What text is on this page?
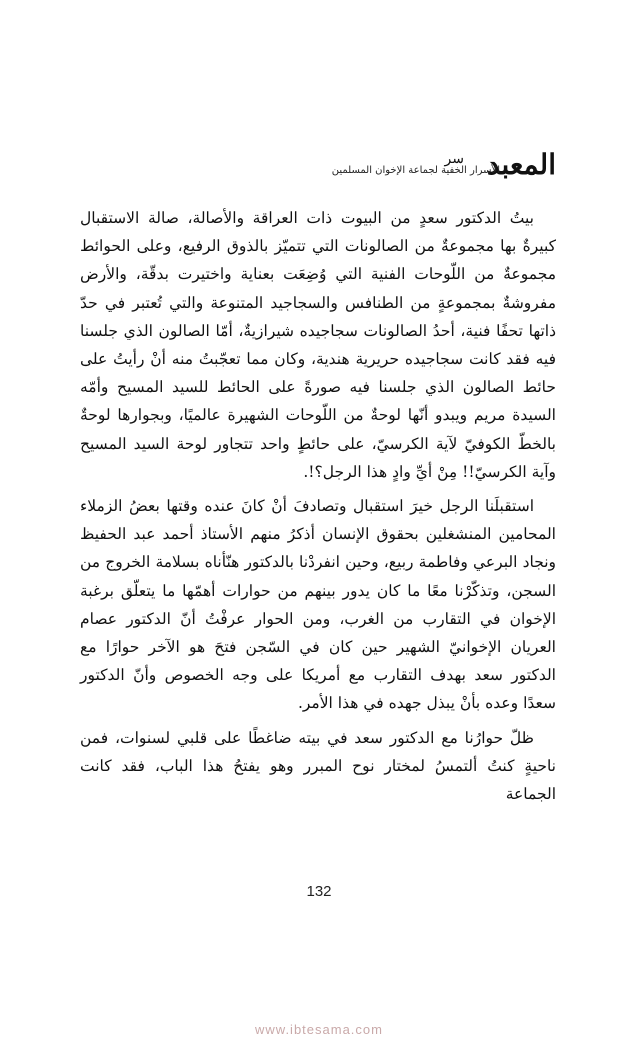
سر المعبد
الأسرار الخفية لجماعة الإخوان المسلمين

بيتُ الدكتور سعدٍ من البيوت ذات العراقة والأصالة، صالة الاستقبال كبيرةٌ بها مجموعةٌ من الصالونات التي تتميّز بالذوق الرفيع، وعلى الحوائط مجموعةٌ من اللّوحات الفنية التي وُضِعَت بعناية واختيرت بدقّة، والأرض مفروشةٌ بمجموعةٍ من الطنافس والسجاجيد المتنوعة والتي تُعتبر في حدّ ذاتها تحفًا فنية، أحدُ الصالونات سجاجيده شيرازيةٌ، أمّا الصالون الذي جلسنا فيه فقد كانت سجاجيده حريرية هندية، وكان مما تعجّبتُ منه أنْ رأيتُ على حائط الصالون الذي جلسنا فيه صورةً على الحائط للسيد المسيح وأمّه السيدة مريم ويبدو أنّها لوحةٌ من اللّوحات الشهيرة عالميًا، وبجوارها لوحةٌ بالخطّ الكوفيّ لآية الكرسيّ، على حائطٍ واحد تتجاور لوحة السيد المسيح وآية الكرسيّ!! مِنْ أيِّ وادٍ هذا الرجل؟!.

استقبلَنا الرجل خيرَ استقبال وتصادفَ أنْ كانَ عنده وقتها بعضُ الزملاء المحامين المنشغلين بحقوق الإنسان أذكرُ منهم الأستاذ أحمد عبد الحفيظ ونجاد البرعي وفاطمة ربيع، وحين انفردْنا بالدكتور هنّأناه بسلامة الخروج من السجن، وتذكّرْنا معًا ما كان يدور بينهم من حوارات أهمّها ما يتعلّق برغبة الإخوان في التقارب من الغرب، ومن الحوار عرفْتُ أنّ الدكتور عصام العريان الإخوانيّ الشهير حين كان في السّجن فتحَ هو الآخر حوارًا مع الدكتور سعد بهدف التقارب مع أمريكا على وجه الخصوص وأنّ الدكتور سعدًا وعده بأنْ يبذل جهده في هذا الأمر.

ظلّ حوارُنا مع الدكتور سعد في بيته ضاغطًا على قلبي لسنوات، فمن ناحيةٍ كنتُ ألتمسُ لمختار نوح المبرر وهو يفتحُ هذا الباب، فقد كانت الجماعة

132
www.ibtesama.com
